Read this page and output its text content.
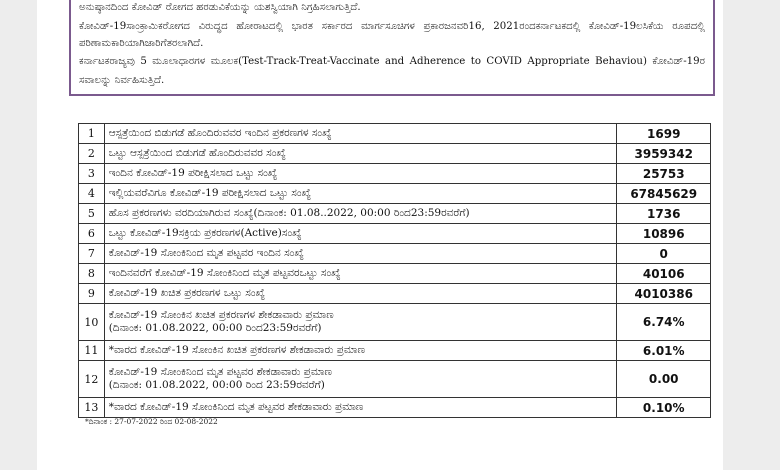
ಅನುಷ್ಠಾನದಿಂದ ಕೋವಿಡ್ ರೋಗದ ಹರಡುವಿಕೆಯನ್ನು ಯಶಸ್ವಿಯಾಗಿ ನಿಗ್ರಹಿಸಲಾಗುತ್ತಿದೆ.

ಕೋವಿಡ್-19ಸಾಂಕ್ರಾಮಿಕರೋಗದ ವಿರುದ್ಧದ ಹೋರಾಟದಲ್ಲಿ ಭಾರತ ಸರ್ಕಾರದ ಮಾರ್ಗಸೂಚಿಗಳ ಪ್ರಕಾರಜನವರಿ16, 2021ರಂದಕರ್ನಾಟಕದಲ್ಲಿ ಕೋವಿಡ್-19ಲಸಿಕೆಯ ರೂಪದಲ್ಲಿ ಪರಿಣಾಮಕಾರಿಯಾಗಿಜಾರಿಗೆತರಲಾಗಿದೆ.

ಕರ್ನಾಟಕರಾಜ್ಯವು 5 ಮೂಲಾಧಾರಗಳ ಮೂಲಕ(Test-Track-Treat-Vaccinate and Adherence to COVID Appropriate Behaviou) ಕೋವಿಡ್-19ರ ಸವಾಲನ್ನು ನಿರ್ವಹಿಸುತ್ತಿದೆ.

1	ಆಸ್ಪತ್ರೆಯಿಂದ ಬಿಡುಗಡೆ ಹೊಂದಿರುವವರ ಇಂದಿನ ಪ್ರಕರಣಗಳ ಸಂಖ್ಯೆ	1699
2	ಒಟ್ಟು ಆಸ್ಪತ್ರೆಯಿಂದ ಬಿಡುಗಡೆ ಹೊಂದಿರುವವರ ಸಂಖ್ಯೆ	3959342
3	ಇಂದಿನ ಕೋವಿಡ್-19 ಪರೀಕ್ಷಿಸಲಾದ ಒಟ್ಟು ಸಂಖ್ಯೆ	25753
4	ಇಲ್ಲಿಯವರೆವಿಗೂ ಕೋವಿಡ್-19 ಪರೀಕ್ಷಿಸಲಾದ ಒಟ್ಟು ಸಂಖ್ಯೆ	67845629
5	ಹೊಸ ಪ್ರಕರಣಗಳು ವರದಿಯಾಗಿರುವ ಸಂಖ್ಯೆ(ದಿನಾಂಕ: 01.08..2022, 00:00 ರಿಂದ23:59ರವರೆಗೆ)	1736
6	ಒಟ್ಟು ಕೋವಿಡ್-19ಸಕ್ರಿಯ ಪ್ರಕರಣಗಳ(Active)ಸಂಖ್ಯೆ	10896
7	ಕೋವಿಡ್-19 ಸೋಂಕಿನಿಂದ ಮೃತ ಪಟ್ಟವರ ಇಂದಿನ ಸಂಖ್ಯೆ	0
8	ಇಂದಿನವರೆಗೆ ಕೋವಿಡ್-19 ಸೋಂಕಿನಿಂದ ಮೃತ ಪಟ್ಟವರಒಟ್ಟು ಸಂಖ್ಯೆ	40106
9	ಕೋವಿಡ್-19 ಖಚಿತ ಪ್ರಕರಣಗಳ ಒಟ್ಟು ಸಂಖ್ಯೆ	4010386
10	ಕೋವಿಡ್-19 ಸೋಂಕಿನ ಖಚಿತ ಪ್ರಕರಣಗಳ ಶೇಕಡಾವಾರು ಪ್ರಮಾಣ
(ದಿನಾಂಕ: 01.08.2022, 00:00 ರಿಂದ23:59ರವರೆಗೆ)	6.74%
11	*ವಾರದ ಕೋವಿಡ್-19 ಸೋಂಕಿನ ಖಚಿತ ಪ್ರಕರಣಗಳ ಶೇಕಡಾವಾರು ಪ್ರಮಾಣ	6.01%
12	ಕೋವಿಡ್-19 ಸೋಂಕಿನಿಂದ ಮೃತ ಪಟ್ಟವರ ಶೇಕಡಾವಾರು ಪ್ರಮಾಣ
(ದಿನಾಂಕ: 01.08.2022, 00:00 ರಿಂದ 23:59ರವರೆಗೆ)	0.00
13	*ವಾರದ ಕೋವಿಡ್-19 ಸೋಂಕಿನಿಂದ ಮೃತ ಪಟ್ಟವರ ಶೇಕಡಾವಾರು ಪ್ರಮಾಣ	0.10%
*ದಿನಾಂಕ : 27-07-2022 ರಿಂದ 02-08-2022
